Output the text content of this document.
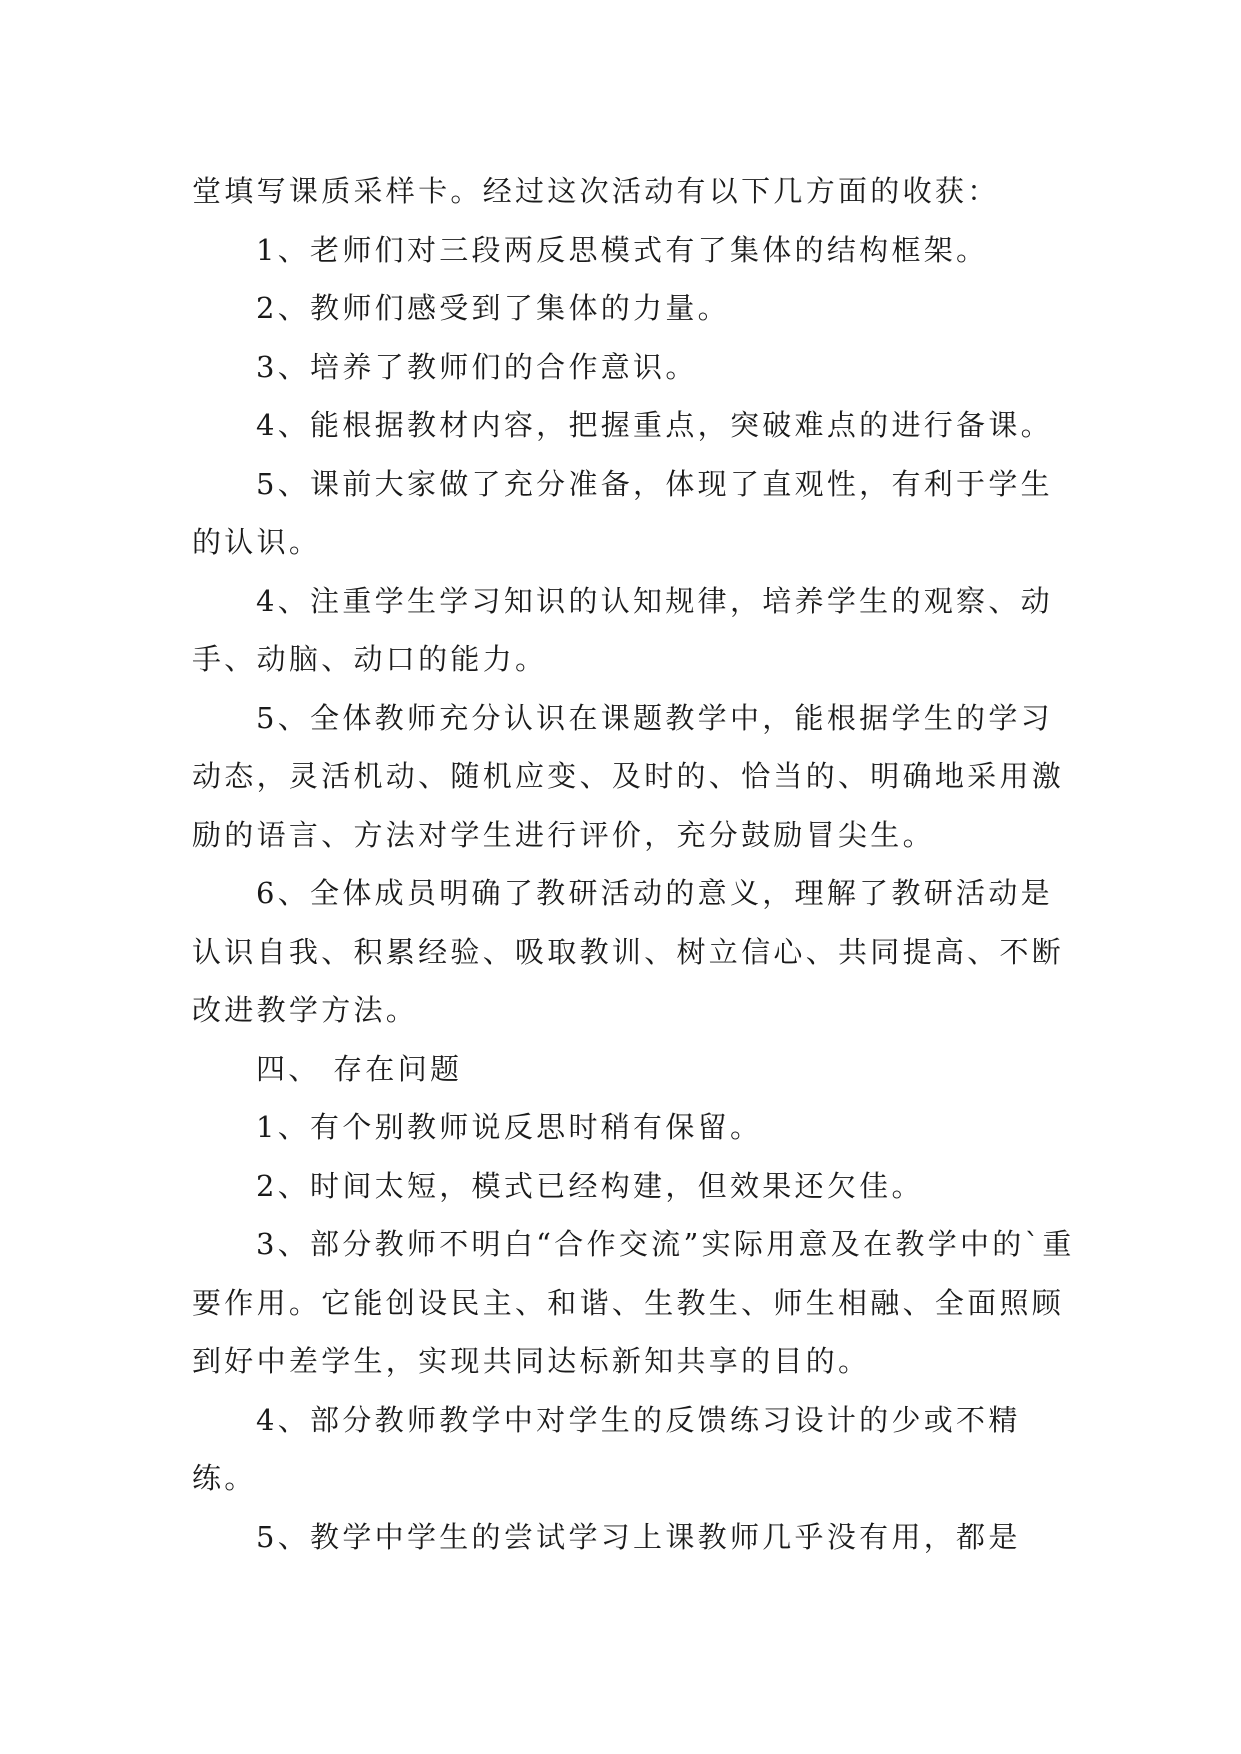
堂填写课质采样卡。经过这次活动有以下几方面的收获：

1、老师们对三段两反思模式有了集体的结构框架。

2、教师们感受到了集体的力量。

3、培养了教师们的合作意识。

4、能根据教材内容，把握重点，突破难点的进行备课。

5、课前大家做了充分准备，体现了直观性，有利于学生的认识。

4、注重学生学习知识的认知规律，培养学生的观察、动手、动脑、动口的能力。

5、全体教师充分认识在课题教学中，能根据学生的学习动态，灵活机动、随机应变、及时的、恰当的、明确地采用激励的语言、方法对学生进行评价，充分鼓励冒尖生。

6、全体成员明确了教研活动的意义，理解了教研活动是认识自我、积累经验、吸取教训、树立信心、共同提高、不断改进教学方法。

四、 存在问题

1、有个别教师说反思时稍有保留。

2、时间太短，模式已经构建，但效果还欠佳。

3、部分教师不明白“合作交流”实际用意及在教学中的`重要作用。它能创设民主、和谐、生教生、师生相融、全面照顾到好中差学生，实现共同达标新知共享的目的。

4、部分教师教学中对学生的反馈练习设计的少或不精练。

5、教学中学生的尝试学习上课教师几乎没有用，都是
